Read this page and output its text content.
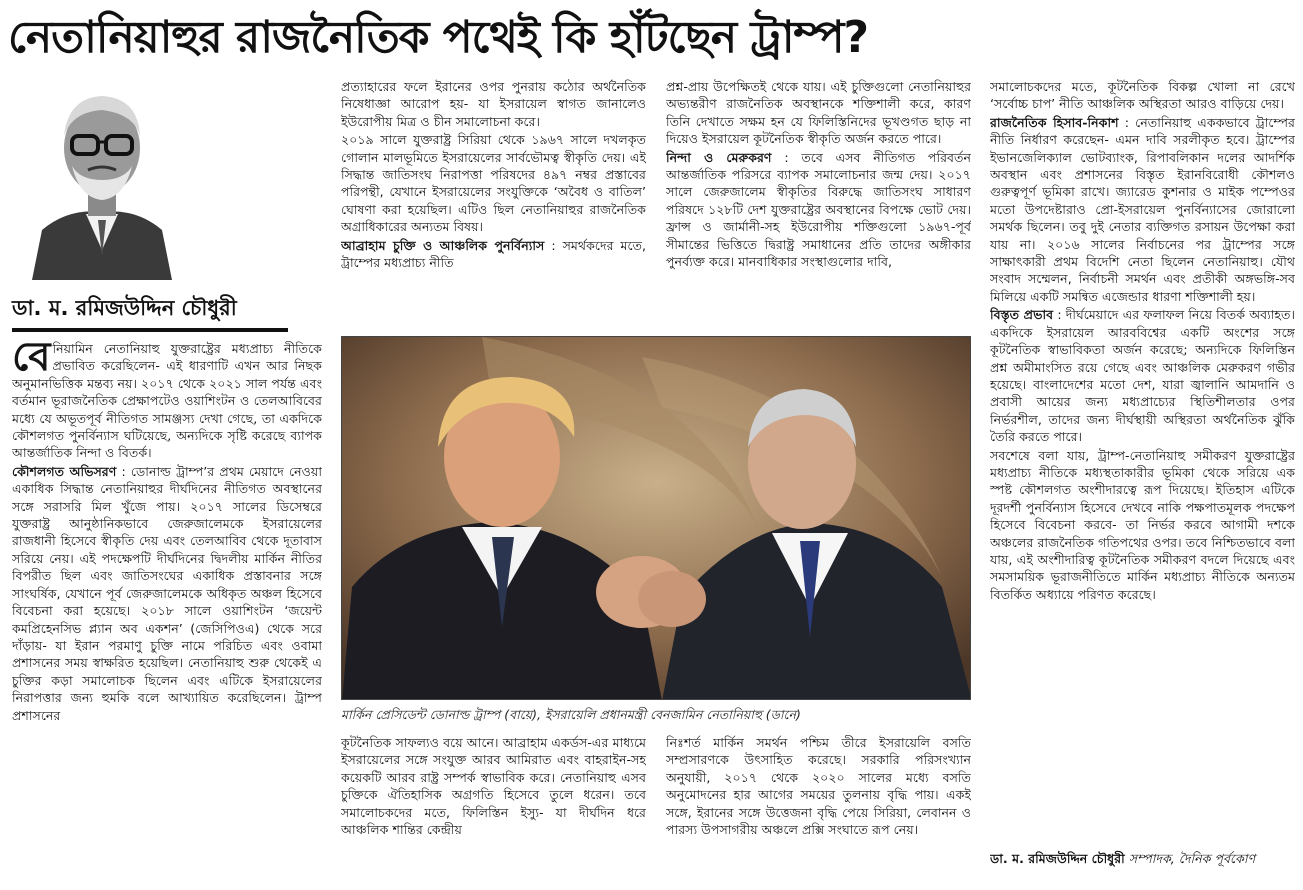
নেতানিয়াহুর রাজনৈতিক পথেই কি হাঁটছেন ট্রাম্প?
ডা. ম. রমিজউদ্দিন চৌধুরী

বেনিয়ামিন নেতানিয়াহু যুক্তরাষ্ট্রের মধ্যপ্রাচ্য নীতিকে প্রভাবিত করেছিলেন- এই ধারণাটি এখন আর নিছক অনুমানভিত্তিক মন্তব্য নয়। ২০১৭ থেকে ২০২১ সাল পর্যন্ত এবং বর্তমান ভূরাজনৈতিক প্রেক্ষাপটেও ওয়াশিংটন ও তেলআবিবের মধ্যে যে অভূতপূর্ব নীতিগত সামঞ্জস্য দেখা গেছে, তা একদিকে কৌশলগত পুনর্বিন্যাস ঘটিয়েছে, অন্যদিকে সৃষ্টি করেছে ব্যাপক আন্তর্জাতিক নিন্দা ও বিতর্ক।

কৌশলগত অভিসরণ : ডোনাল্ড ট্রাম্প’র প্রথম মেয়াদে নেওয়া একাধিক সিদ্ধান্ত নেতানিয়াহুর দীর্ঘদিনের নীতিগত অবস্থানের সঙ্গে সরাসরি মিল খুঁজে পায়। ২০১৭ সালের ডিসেম্বরে যুক্তরাষ্ট্র আনুষ্ঠানিকভাবে জেরুজালেমকে ইসরায়েলের রাজধানী হিসেবে স্বীকৃতি দেয় এবং তেলআবিব থেকে দূতাবাস সরিয়ে নেয়। এই পদক্ষেপটি দীর্ঘদিনের দ্বিদলীয় মার্কিন নীতির বিপরীত ছিল এবং জাতিসংঘের একাধিক প্রস্তাবনার সঙ্গে সাংঘর্ষিক, যেখানে পূর্ব জেরুজালেমকে অধিকৃত অঞ্চল হিসেবে বিবেচনা করা হয়েছে। ২০১৮ সালে ওয়াশিংটন ‘জয়েন্ট কমপ্রিহেনসিভ প্ল্যান অব একশন’ (জেসিপিওএ) থেকে সরে দাঁড়ায়- যা ইরান পরমাণু চুক্তি নামে পরিচিত এবং ওবামা প্রশাসনের সময় স্বাক্ষরিত হয়েছিল। নেতানিয়াহু শুরু থেকেই এ চুক্তির কড়া সমালোচক ছিলেন এবং এটিকে ইসরায়েলের নিরাপত্তার জন্য হুমকি বলে আখ্যায়িত করেছিলেন। ট্রাম্প প্রশাসনের

প্রত্যাহারের ফলে ইরানের ওপর পুনরায় কঠোর অর্থনৈতিক নিষেধাজ্ঞা আরোপ হয়- যা ইসরায়েল স্বাগত জানালেও ইউরোপীয় মিত্র ও চীন সমালোচনা করে।

২০১৯ সালে যুক্তরাষ্ট্র সিরিয়া থেকে ১৯৬৭ সালে দখলকৃত গোলান মালভূমিতে ইসরায়েলের সার্বভৌমত্ব স্বীকৃতি দেয়। এই সিদ্ধান্ত জাতিসংঘ নিরাপত্তা পরিষদের ৪৯৭ নম্বর প্রস্তাবের পরিপন্থী, যেখানে ইসরায়েলের সংযুক্তিকে ‘অবৈধ ও বাতিল’ ঘোষণা করা হয়েছিল। এটিও ছিল নেতানিয়াহুর রাজনৈতিক অগ্রাধিকারের অন্যতম বিষয়।

আব্রাহাম চুক্তি ও আঞ্চলিক পুনর্বিন্যাস : সমর্থকদের মতে, ট্রাম্পের মধ্যপ্রাচ্য নীতি

প্রশ্ন-প্রায় উপেক্ষিতই থেকে যায়। এই চুক্তিগুলো নেতানিয়াহুর অভ্যন্তরীণ রাজনৈতিক অবস্থানকে শক্তিশালী করে, কারণ তিনি দেখাতে সক্ষম হন যে ফিলিস্তিনিদের ভূখণ্ডগত ছাড় না দিয়েও ইসরায়েল কূটনৈতিক স্বীকৃতি অর্জন করতে পারে।

নিন্দা ও মেরুকরণ : তবে এসব নীতিগত পরিবর্তন আন্তর্জাতিক পরিসরে ব্যাপক সমালোচনার জন্ম দেয়। ২০১৭ সালে জেরুজালেম স্বীকৃতির বিরুদ্ধে জাতিসংঘ সাধারণ পরিষদে ১২৮টি দেশ যুক্তরাষ্ট্রের অবস্থানের বিপক্ষে ভোট দেয়। ফ্রান্স ও জার্মানী-সহ ইউরোপীয় শক্তিগুলো ১৯৬৭-পূর্ব সীমান্তের ভিত্তিতে দ্বিরাষ্ট্র সমাধানের প্রতি তাদের অঙ্গীকার পুনর্ব্যক্ত করে। মানবাধিকার সংস্থাগুলোর দাবি,

মার্কিন প্রেসিডেন্ট ডোনাল্ড ট্রাম্প (বায়ে), ইসরায়েলি প্রধানমন্ত্রী বেনজামিন নেতানিয়াহু (ডানে)

কূটনৈতিক সাফল্যও বয়ে আনে। আব্রাহাম একর্ডস-এর মাধ্যমে ইসরায়েলের সঙ্গে সংযুক্ত আরব আমিরাত এবং বাহরাইন-সহ কয়েকটি আরব রাষ্ট্র সম্পর্ক স্বাভাবিক করে। নেতানিয়াহু এসব চুক্তিকে ঐতিহাসিক অগ্রগতি হিসেবে তুলে ধরেন। তবে সমালোচকদের মতে, ফিলিস্তিন ইস্যু- যা দীর্ঘদিন ধরে আঞ্চলিক শান্তির কেন্দ্রীয়

নিঃশর্ত মার্কিন সমর্থন পশ্চিম তীরে ইসরায়েলি বসতি সম্প্রসারণকে উৎসাহিত করেছে। সরকারি পরিসংখ্যান অনুযায়ী, ২০১৭ থেকে ২০২০ সালের মধ্যে বসতি অনুমোদনের হার আগের সময়ের তুলনায় বৃদ্ধি পায়। একই সঙ্গে, ইরানের সঙ্গে উত্তেজনা বৃদ্ধি পেয়ে সিরিয়া, লেবানন ও পারস্য উপসাগরীয় অঞ্চলে প্রক্সি সংঘাতে রূপ নেয়।

সমালোচকদের মতে, কূটনৈতিক বিকল্প খোলা না রেখে ‘সর্বোচ্চ চাপ’ নীতি আঞ্চলিক অস্থিরতা আরও বাড়িয়ে দেয়।

রাজনৈতিক হিসাব-নিকাশ : নেতানিয়াহু এককভাবে ট্রাম্পের নীতি নির্ধারণ করেছেন- এমন দাবি সরলীকৃত হবে। ট্রাম্পের ইভানজেলিক্যাল ভোটব্যাংক, রিপাবলিকান দলের আদর্শিক অবস্থান এবং প্রশাসনের বিস্তৃত ইরানবিরোধী কৌশলও গুরুত্বপূর্ণ ভূমিকা রাখে। জ্যারেড কুশনার ও মাইক পম্পেওর মতো উপদেষ্টারাও প্রো-ইসরায়েল পুনর্বিন্যাসের জোরালো সমর্থক ছিলেন। তবু দুই নেতার ব্যক্তিগত রসায়ন উপেক্ষা করা যায় না। ২০১৬ সালের নির্বাচনের পর ট্রাম্পের সঙ্গে সাক্ষাৎকারী প্রথম বিদেশি নেতা ছিলেন নেতানিয়াহু। যৌথ সংবাদ সম্মেলন, নির্বাচনী সমর্থন এবং প্রতীকী অঙ্গভঙ্গি-সব মিলিয়ে একটি সমন্বিত এজেন্ডার ধারণা শক্তিশালী হয়।

বিস্তৃত প্রভাব : দীর্ঘমেয়াদে এর ফলাফল নিয়ে বিতর্ক অব্যাহত। একদিকে ইসরায়েল আরববিশ্বের একটি অংশের সঙ্গে কূটনৈতিক স্বাভাবিকতা অর্জন করেছে; অন্যদিকে ফিলিস্তিন প্রশ্ন অমীমাংসিত রয়ে গেছে এবং আঞ্চলিক মেরুকরণ গভীর হয়েছে। বাংলাদেশের মতো দেশ, যারা জ্বালানি আমদানি ও প্রবাসী আয়ের জন্য মধ্যপ্রাচ্যের স্থিতিশীলতার ওপর নির্ভরশীল, তাদের জন্য দীর্ঘস্থায়ী অস্থিরতা অর্থনৈতিক ঝুঁকি তৈরি করতে পারে।

সবশেষে বলা যায়, ট্রাম্প-নেতানিয়াহু সমীকরণ যুক্তরাষ্ট্রের মধ্যপ্রাচ্য নীতিকে মধ্যস্থতাকারীর ভূমিকা থেকে সরিয়ে এক স্পষ্ট কৌশলগত অংশীদারত্বে রূপ দিয়েছে। ইতিহাস এটিকে দূরদর্শী পুনর্বিন্যাস হিসেবে দেখবে নাকি পক্ষপাতমূলক পদক্ষেপ হিসেবে বিবেচনা করবে- তা নির্ভর করবে আগামী দশকে অঞ্চলের রাজনৈতিক গতিপথের ওপর। তবে নিশ্চিতভাবে বলা যায়, এই অংশীদারিত্ব কূটনৈতিক সমীকরণ বদলে দিয়েছে এবং সমসাময়িক ভূরাজনীতিতে মার্কিন মধ্যপ্রাচ্য নীতিকে অন্যতম বিতর্কিত অধ্যায়ে পরিণত করেছে।

ডা. ম. রমিজউদ্দিন চৌধুরী সম্পাদক, দৈনিক পূর্বকোণ
